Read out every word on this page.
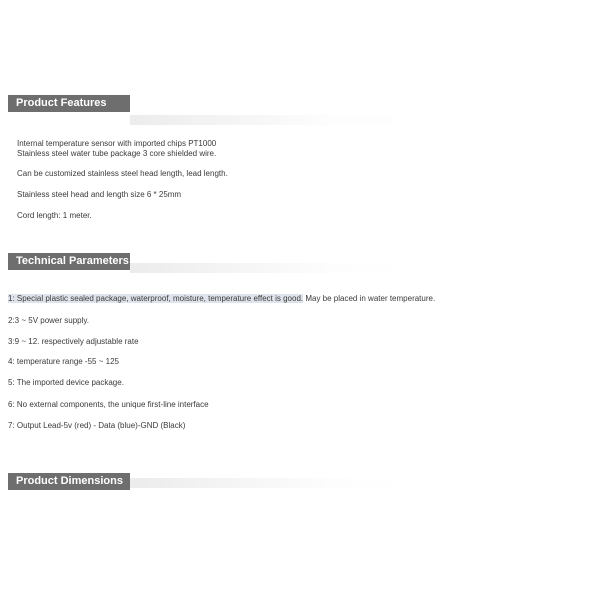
Product Features
Internal temperature sensor with imported chips PT1000
Stainless steel water tube package 3 core shielded wire.
Can be customized stainless steel head length, lead length.
Stainless steel head and length size 6 * 25mm
Cord length: 1 meter.
Technical Parameters
1: Special plastic sealed package, waterproof, moisture, temperature effect is good. May be placed in water temperature.
2:3 ~ 5V power supply.
3:9 ~ 12. respectively adjustable rate
4: temperature range -55 ~ 125
5: The imported device package.
6: No external components, the unique first-line interface
7: Output Lead-5v (red) - Data (blue)-GND (Black)
Product Dimensions
